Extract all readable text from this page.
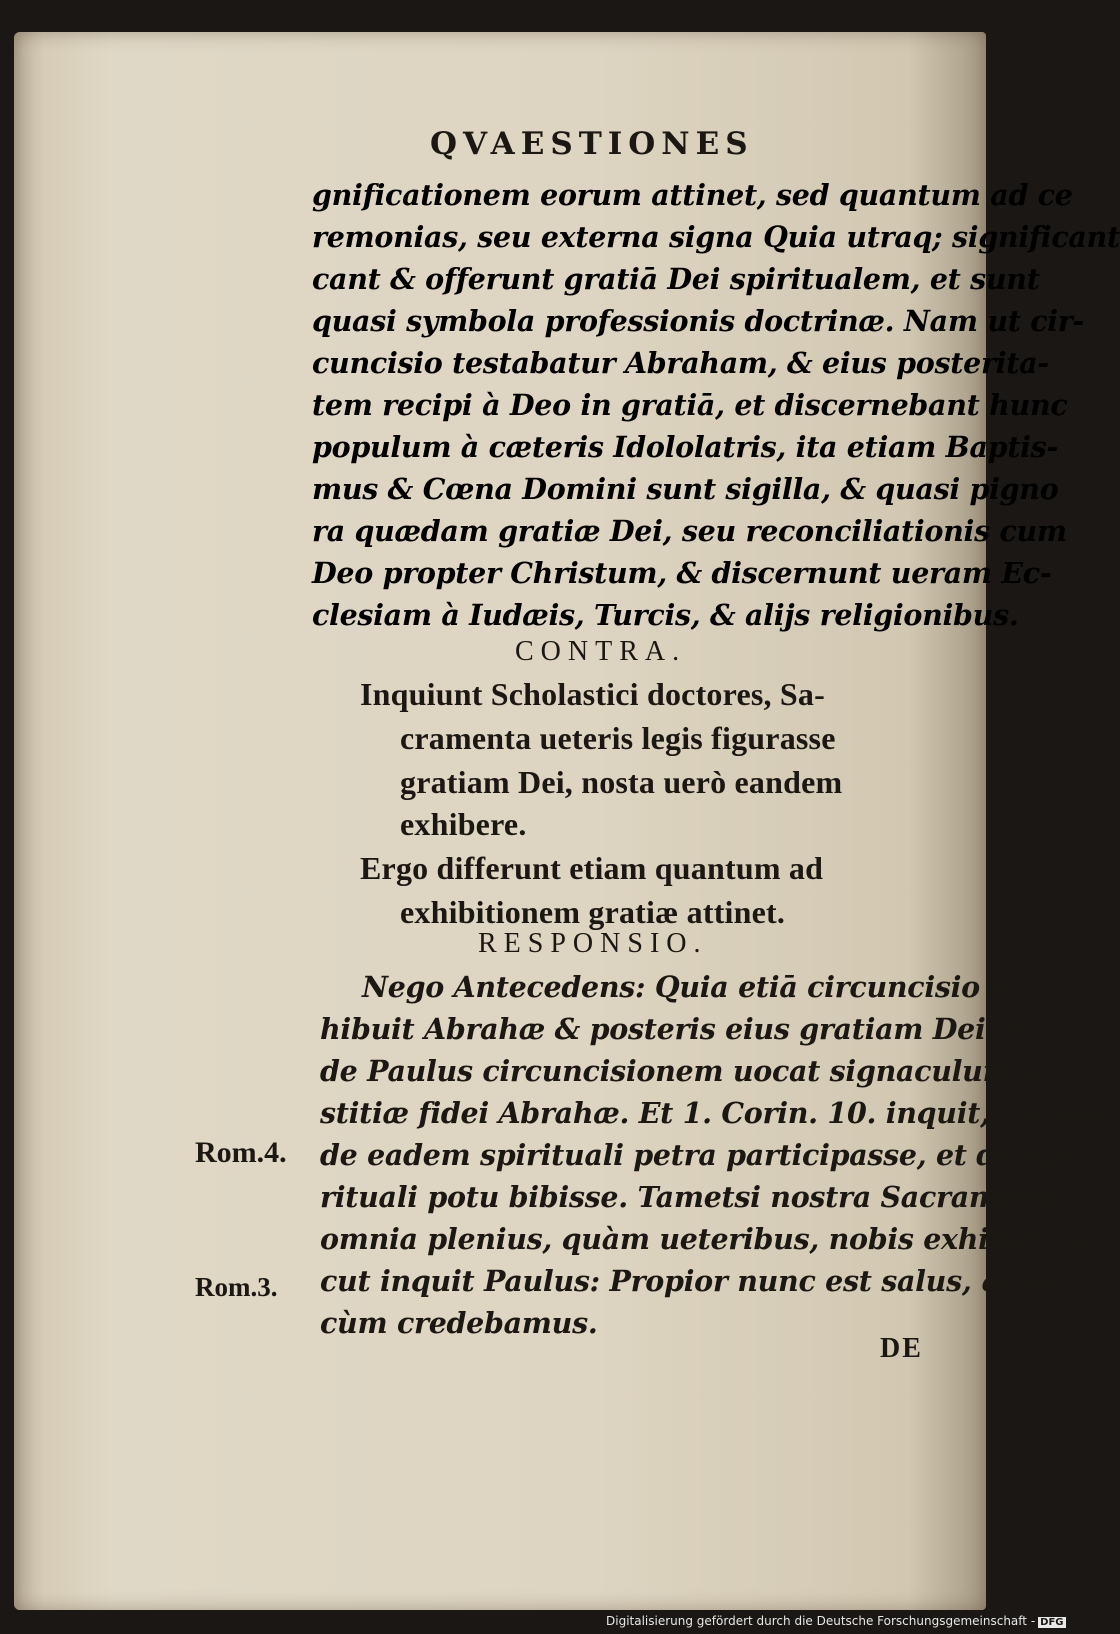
QVAESTIONES
gnificationem eorum attinet, sed quantum ad ce
remonias, seu externa signa Quia utraq; significant
cant & offerunt gratiā Dei spiritualem, et sunt
quasi symbola professionis doctrinæ. Nam ut cir-
cuncisio testabatur Abraham, & eius posterita-
tem recipi à Deo in gratiā, et discernebant hunc
populum à cæteris Idololatris, ita etiam Baptis-
mus & Cœna Domini sunt sigilla, & quasi pigno
ra quædam gratiæ Dei, seu reconciliationis cum
Deo propter Christum, & discernunt ueram Ec-
clesiam à Iudæis, Turcis, & alijs religionibus.
CONTRA.
Inquiunt Scholastici doctores, Sa-
cramenta ueteris legis figurasse
gratiam Dei, nosta uerò eandem
exhibere.
Ergo differunt etiam quantum ad
exhibitionem gratiæ attinet.
RESPONSIO.
Nego Antecedens: Quia etiā circuncisio ex
hibuit Abrahæ & posteris eius gratiam Dei. Vn
de Paulus circuncisionem uocat signaculum iu-
stitiæ fidei Abrahæ. Et 1. Corin. 10. inquit, Omnes
de eadem spirituali petra participasse, et de spi
rituali potu bibisse. Tametsi nostra Sacramenta
omnia plenius, quàm ueteribus, nobis exhibēt. Si-
cut inquit Paulus: Propior nunc est salus, quàm
cùm credebamus.
Rom.4.
Rom.3.
DE
Digitalisierung gefördert durch die Deutsche Forschungsgemeinschaft - DFG
